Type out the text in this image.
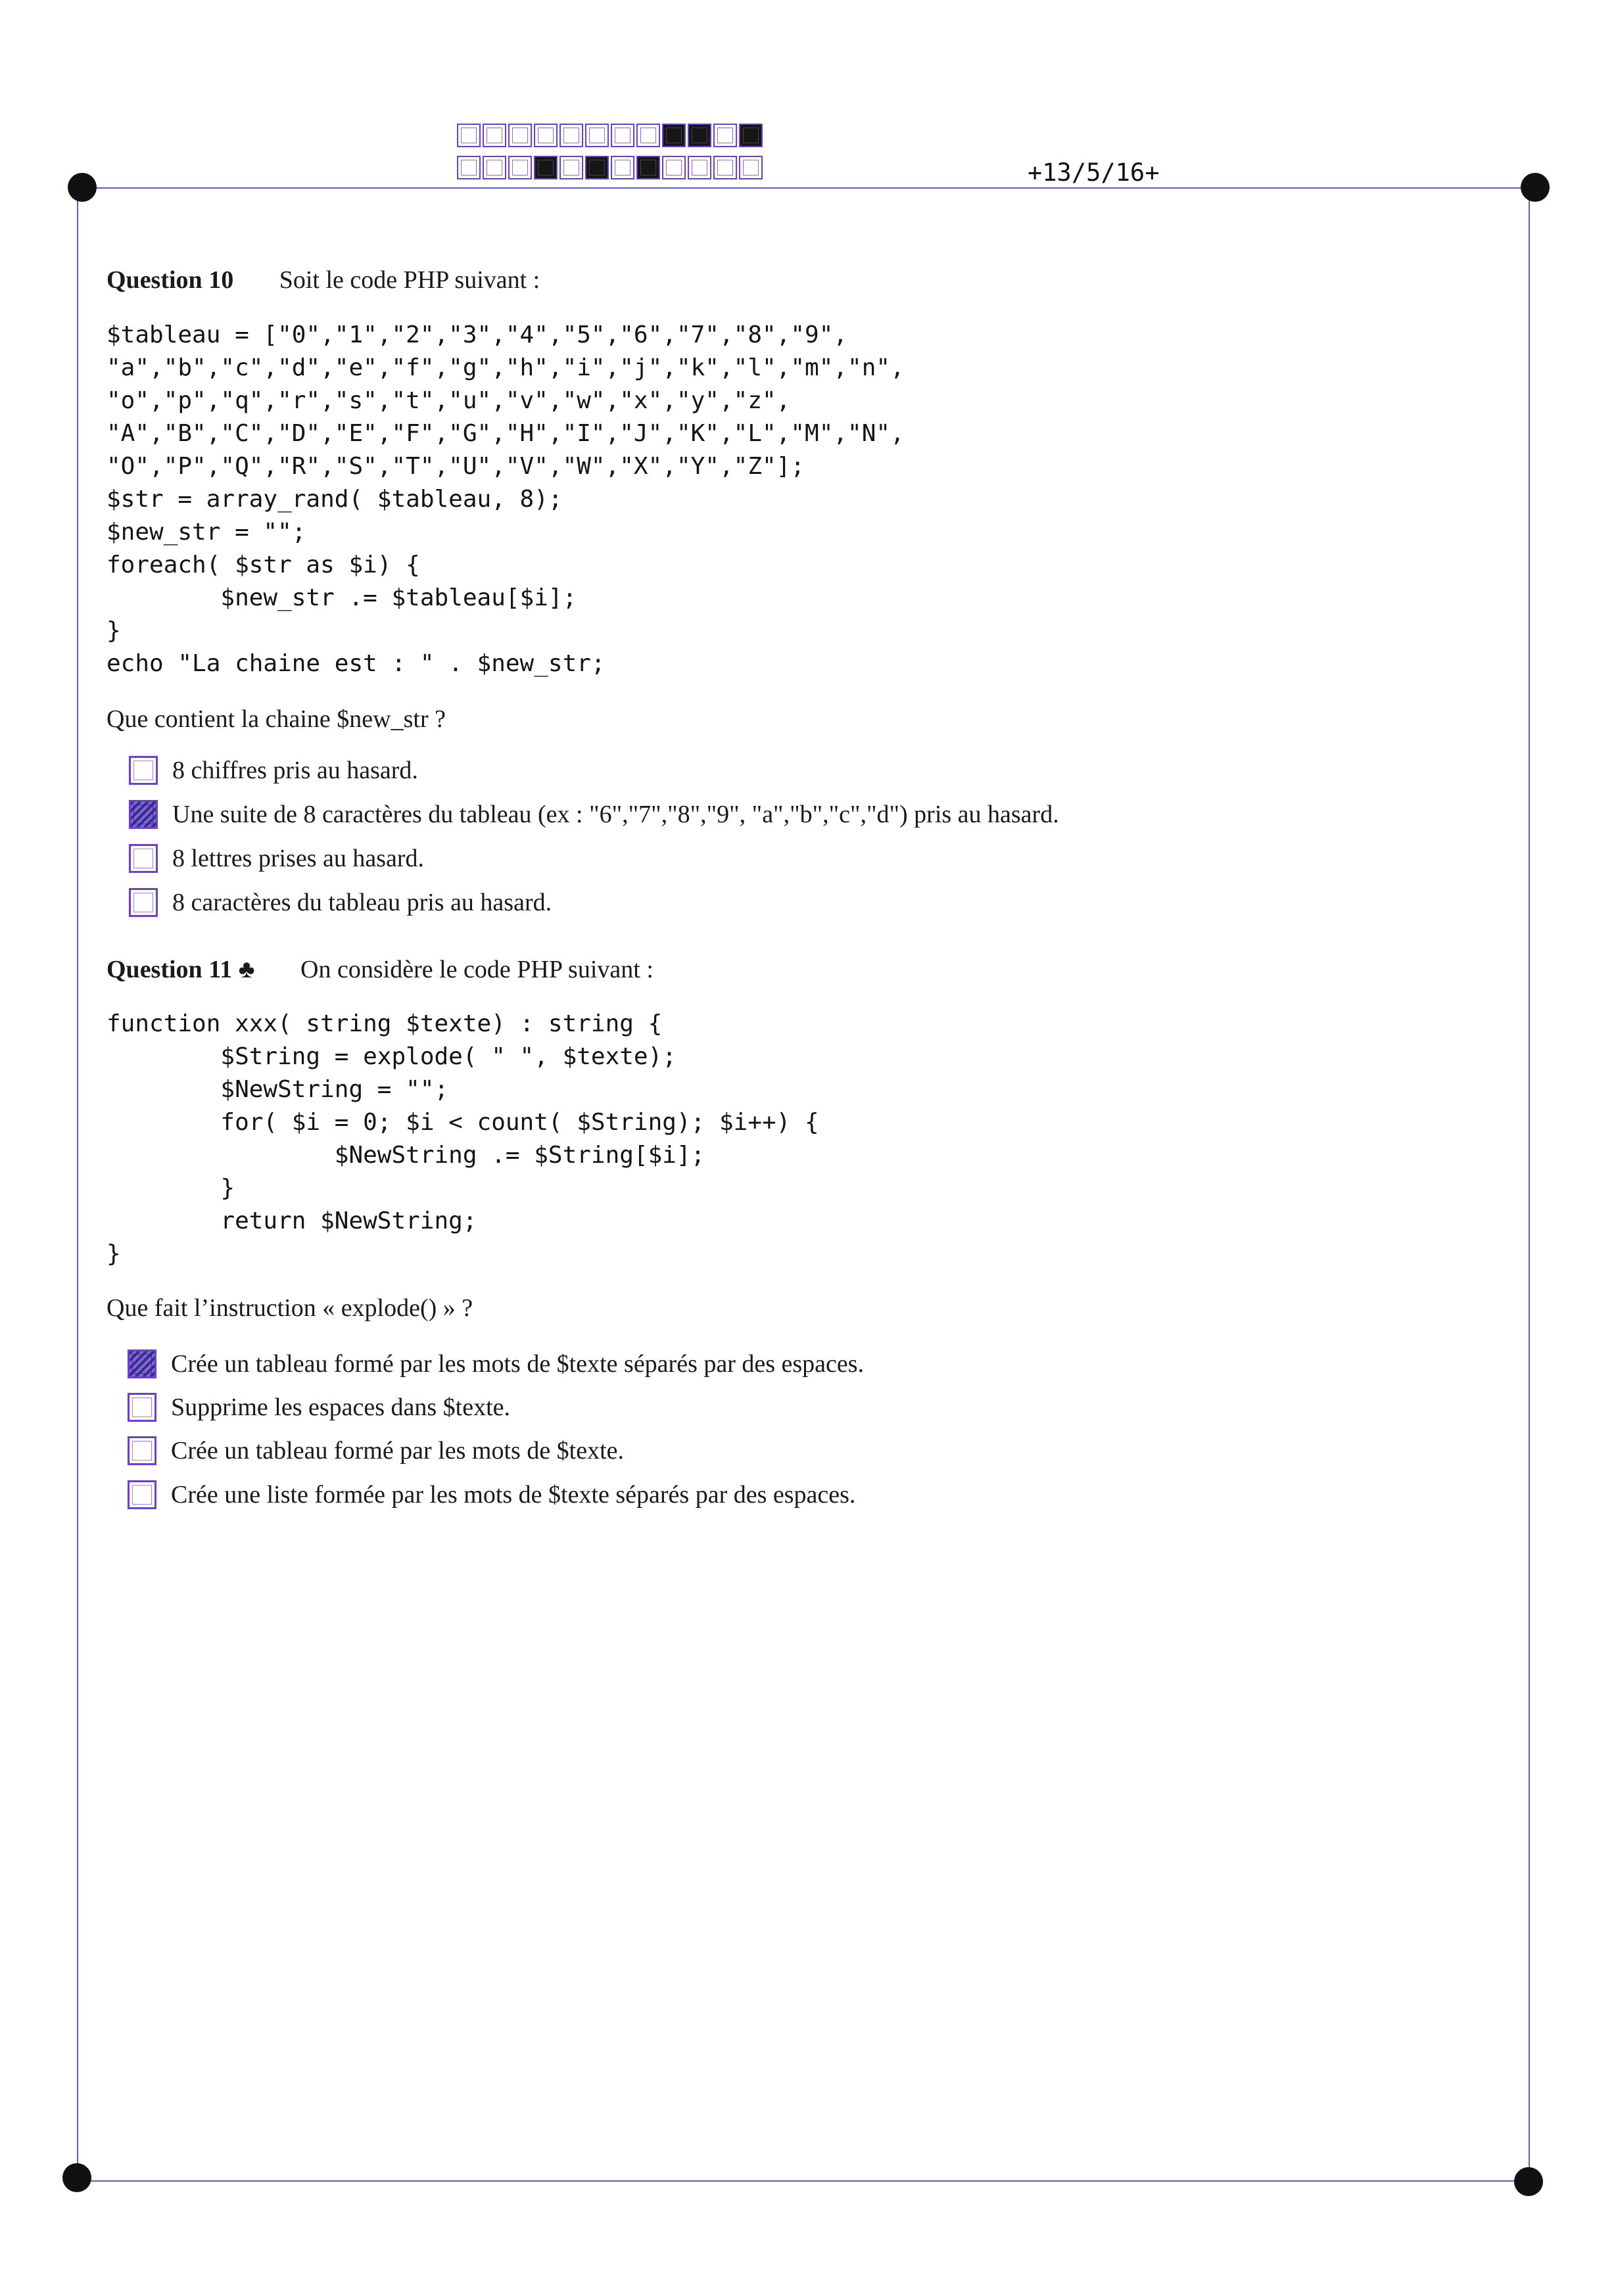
+13/5/16+
Question 10 Soit le code PHP suivant :
$tableau = ["0","1","2","3","4","5","6","7","8","9",
"a","b","c","d","e","f","g","h","i","j","k","l","m","n",
"o","p","q","r","s","t","u","v","w","x","y","z",
"A","B","C","D","E","F","G","H","I","J","K","L","M","N",
"O","P","Q","R","S","T","U","V","W","X","Y","Z"];
$str = array_rand( $tableau, 8);
$new_str = "";
foreach( $str as $i) {
$new_str .= $tableau[$i];
}
echo "La chaine est : " . $new_str;
Que contient la chaine $new_str ?
8 chiffres pris au hasard.
Une suite de 8 caractères du tableau (ex : "6","7","8","9", "a","b","c","d") pris au hasard.
8 lettres prises au hasard.
8 caractères du tableau pris au hasard.
Question 11 ♣ On considère le code PHP suivant :
function xxx( string $texte) : string {
$String = explode( " ", $texte);
$NewString = "";
for( $i = 0; $i < count( $String); $i++) {
$NewString .= $String[$i];
}
return $NewString;
}
Que fait l’instruction « explode() » ?
Crée un tableau formé par les mots de $texte séparés par des espaces.
Supprime les espaces dans $texte.
Crée un tableau formé par les mots de $texte.
Crée une liste formée par les mots de $texte séparés par des espaces.
